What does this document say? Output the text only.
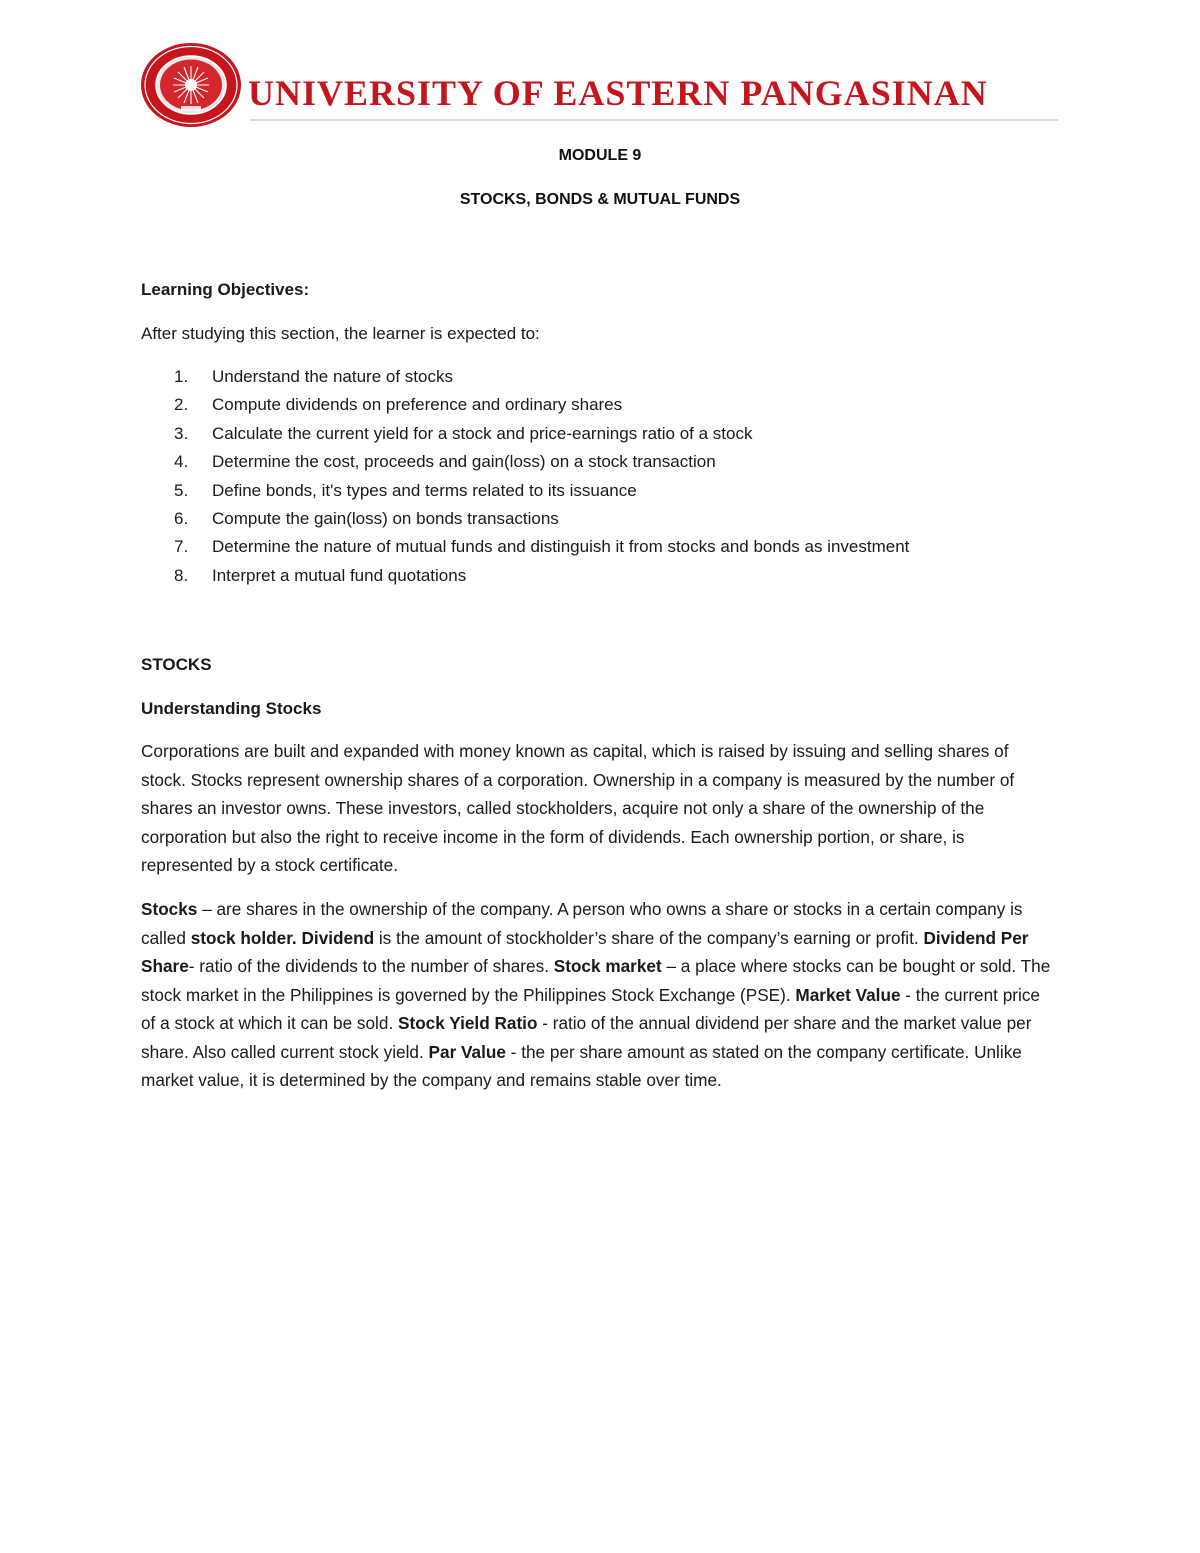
UNIVERSITY OF EASTERN PANGASINAN
MODULE 9
STOCKS, BONDS & MUTUAL FUNDS
Learning Objectives:
After studying this section, the learner is expected to:
1. Understand the nature of stocks
2. Compute dividends on preference and ordinary shares
3. Calculate the current yield for a stock and price-earnings ratio of a stock
4. Determine the cost, proceeds and gain(loss) on a stock transaction
5. Define bonds, it's types and terms related to its issuance
6. Compute the gain(loss) on bonds transactions
7. Determine the nature of mutual funds and distinguish it from stocks and bonds as investment
8. Interpret a mutual fund quotations
STOCKS
Understanding Stocks
Corporations are built and expanded with money known as capital, which is raised by issuing and selling shares of stock. Stocks represent ownership shares of a corporation. Ownership in a company is measured by the number of shares an investor owns. These investors, called stockholders, acquire not only a share of the ownership of the corporation but also the right to receive income in the form of dividends. Each ownership portion, or share, is represented by a stock certificate.
Stocks – are shares in the ownership of the company. A person who owns a share or stocks in a certain company is called stock holder. Dividend is the amount of stockholder’s share of the company’s earning or profit. Dividend Per Share- ratio of the dividends to the number of shares. Stock market – a place where stocks can be bought or sold. The stock market in the Philippines is governed by the Philippines Stock Exchange (PSE). Market Value - the current price of a stock at which it can be sold. Stock Yield Ratio - ratio of the annual dividend per share and the market value per share. Also called current stock yield. Par Value - the per share amount as stated on the company certificate. Unlike market value, it is determined by the company and remains stable over time.
